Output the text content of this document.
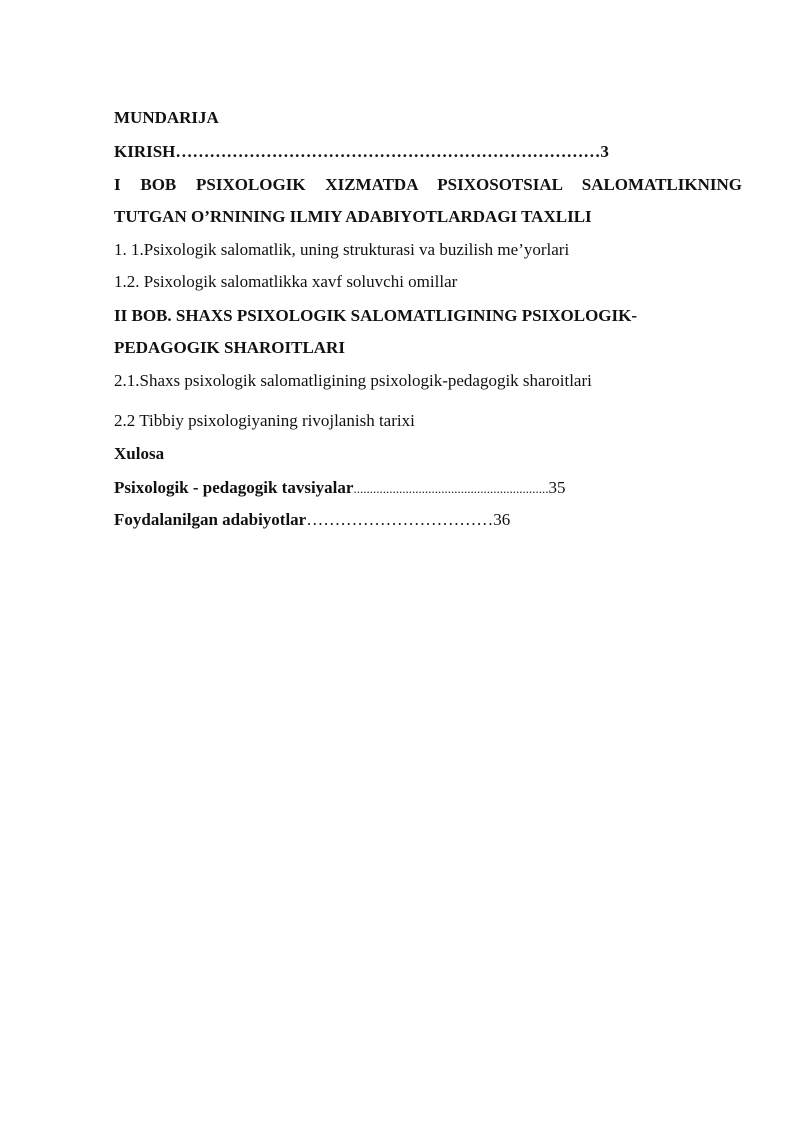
MUNDARIJA
KIRISH…………………………………………………………………3
I BOB PSIXOLOGIK XIZMATDA PSIXOSOTSIAL SALOMATLIKNING
TUTGAN O’RNINING ILMIY ADABIYOTLARDAGI TAXLILI
1. 1.Psixologik salomatlik, uning strukturasi va buzilish me’yorlari
1.2. Psixologik salomatlikka xavf soluvchi omillar
II BOB. SHAXS PSIXOLOGIK SALOMATLIGINING PSIXOLOGIK-
PEDAGOGIK SHAROITLARI
2.1.Shaxs psixologik salomatligining psixologik-pedagogik sharoitlari
2.2 Tibbiy psixologiyaning rivojlanish tarixi
Xulosa
Psixologik - pedagogik tavsiyalar............................................................35
Foydalanilgan adabiyotlar……………………………36
